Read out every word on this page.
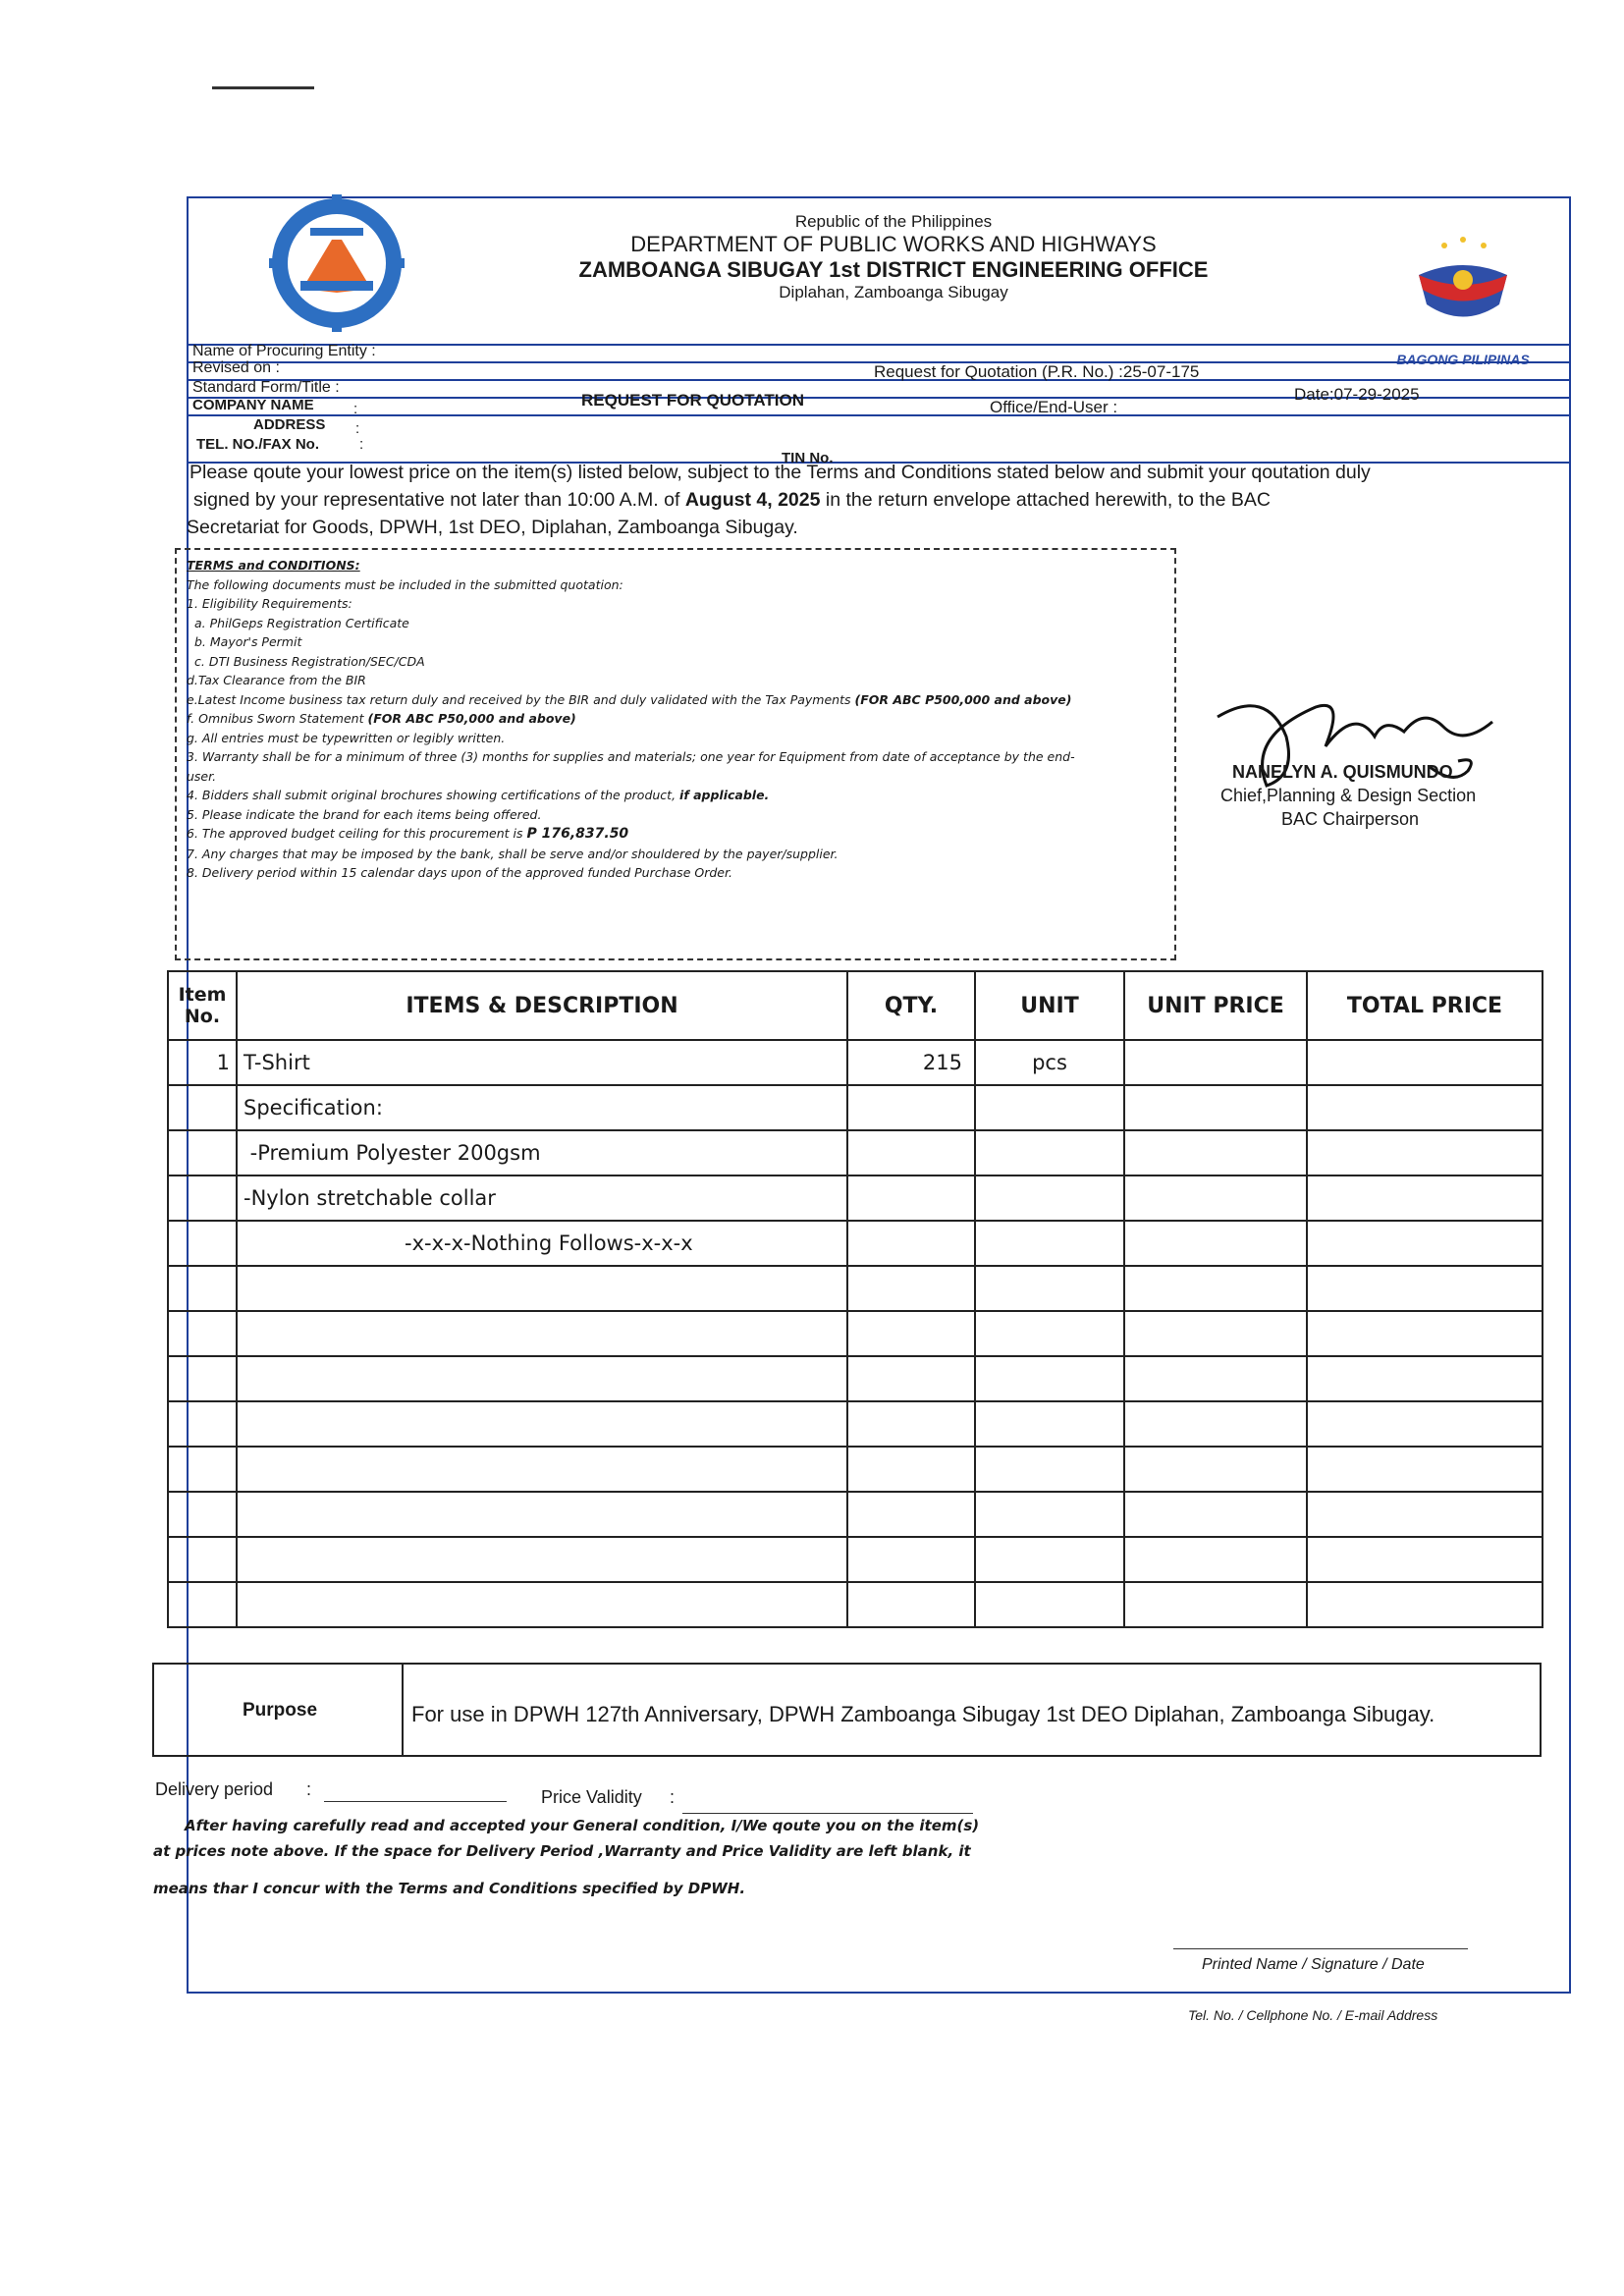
BAGONG PILIPINAS
Republic of the Philippines
DEPARTMENT OF PUBLIC WORKS AND HIGHWAYS
ZAMBOANGA SIBUGAY 1st DISTRICT ENGINEERING OFFICE
Diplahan, Zamboanga Sibugay
Name of Procuring Entity :
Revised on :	Request for Quotation (P.R. No.) :25-07-175
Standard Form/Title :
REQUEST FOR QUOTATION	Office/End-User :
Date:07-29-2025
COMPANY NAME	:
ADDRESS :
TEL. NO./FAX No.	:
TIN No.
Please qoute your lowest price on the item(s) listed below, subject to the Terms and Conditions stated below and submit your qoutation duly
signed by your representative not later than 10:00 A.M. of August 4, 2025 in the return envelope attached herewith, to the BAC
Secretariat for Goods, DPWH, 1st DEO, Diplahan, Zamboanga Sibugay.
TERMS and CONDITIONS:
The following documents must be included in the submitted quotation:
1. Eligibility Requirements:
a. PhilGeps Registration Certificate
b. Mayor's Permit
c. DTI Business Registration/SEC/CDA
d.Tax Clearance from the BIR
e.Latest Income business tax return duly and received by the BIR and duly validated with the Tax Payments (FOR ABC P500,000 and above)
f. Omnibus Sworn Statement (FOR ABC P50,000 and above)
g. All entries must be typewritten or legibly written.
3. Warranty shall be for a minimum of three (3) months for supplies and materials; one year for Equipment from date of acceptance by the end-
user.
4. Bidders shall submit original brochures showing certifications of the product, if applicable.
5. Please indicate the brand for each items being offered.
6. The approved budget ceiling for this procurement is P 176,837.50
7. Any charges that may be imposed by the bank, shall be serve and/or shouldered by the payer/supplier.
8. Delivery period within 15 calendar days upon of the approved funded Purchase Order.
NANELYN A. QUISMUNDO
Chief,Planning & Design Section
BAC Chairperson
Item No.	ITEMS & DESCRIPTION	QTY.	UNIT	UNIT PRICE	TOTAL PRICE
1	T-Shirt	215	pcs		
	Specification:				
	-Premium Polyester 200gsm				
	-Nylon stretchable collar				
	-x-x-x-Nothing Follows-x-x-x				

Purpose	For use in DPWH 127th Anniversary, DPWH Zamboanga Sibugay 1st DEO Diplahan, Zamboanga Sibugay.
Delivery period :	Price Validity :
After having carefully read and accepted your General condition, I/We qoute you on the item(s)
at prices note above. If the space for Delivery Period ,Warranty and Price Validity are left blank, it
means thar I concur with the Terms and Conditions specified by DPWH.
Printed Name / Signature / Date
Tel. No. / Cellphone No. / E-mail Address
